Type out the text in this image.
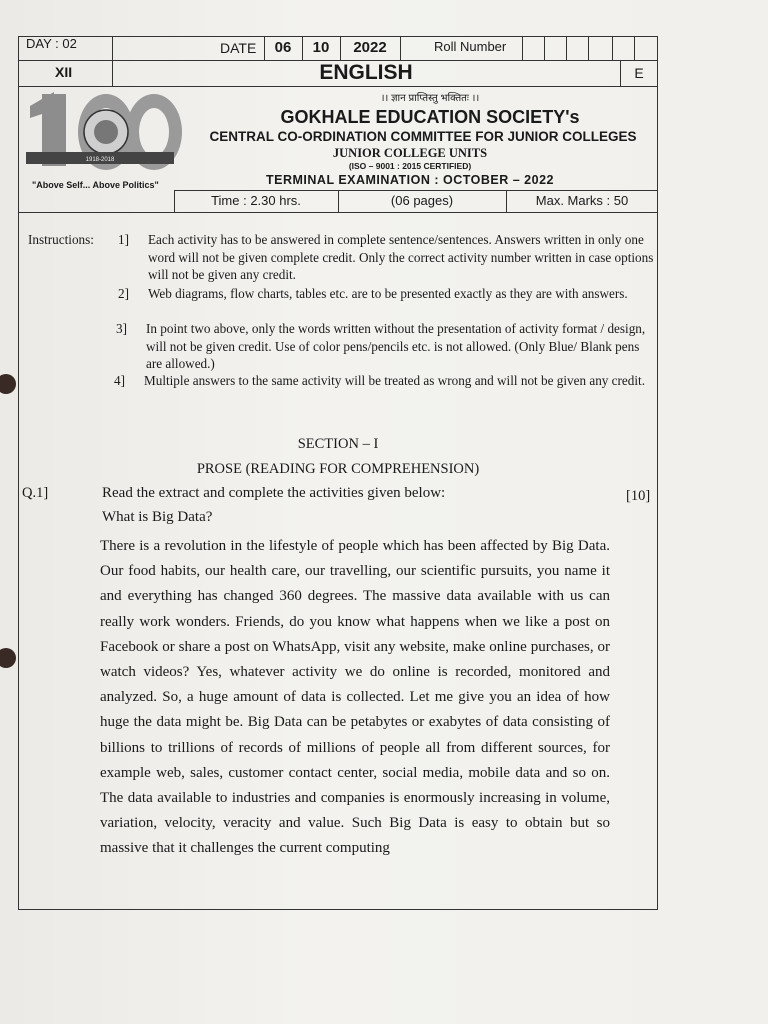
DAY : 02	DATE	06	10	2022	Roll Number
XII	ENGLISH	E
1918-2018
"Above Self... Above Politics"
।। ज्ञान प्राप्तिस्तु भक्तितः ।।
GOKHALE EDUCATION SOCIETY's
CENTRAL CO-ORDINATION COMMITTEE FOR JUNIOR COLLEGES
JUNIOR COLLEGE UNITS
(ISO – 9001 : 2015 CERTIFIED)
TERMINAL EXAMINATION : OCTOBER – 2022
Time : 2.30 hrs.	(06 pages)	Max. Marks : 50
Instructions: 1] Each activity has to be answered in complete sentence/sentences. Answers written in only one word will not be given complete credit. Only the correct activity number written in case options will not be given any credit.
2] Web diagrams, flow charts, tables etc. are to be presented exactly as they are with answers.
3] In point two above, only the words written without the presentation of activity format / design, will not be given credit. Use of color pens/pencils etc. is not allowed. (Only Blue/ Blank pens are allowed.)
4] Multiple answers to the same activity will be treated as wrong and will not be given any credit.
SECTION – I
PROSE (READING FOR COMPREHENSION)
Q.1]	Read the extract and complete the activities given below:	[10]
What is Big Data?
There is a revolution in the lifestyle of people which has been affected by Big Data. Our food habits, our health care, our travelling, our scientific pursuits, you name it and everything has changed 360 degrees. The massive data available with us can really work wonders. Friends, do you know what happens when we like a post on Facebook or share a post on WhatsApp, visit any website, make online purchases, or watch videos? Yes, whatever activity we do online is recorded, monitored and analyzed. So, a huge amount of data is collected. Let me give you an idea of how huge the data might be. Big Data can be petabytes or exabytes of data consisting of billions to trillions of records of millions of people all from different sources, for example web, sales, customer contact center, social media, mobile data and so on. The data available to industries and companies is enormously increasing in volume, variation, velocity, veracity and value. Such Big Data is easy to obtain but so massive that it challenges the current computing
